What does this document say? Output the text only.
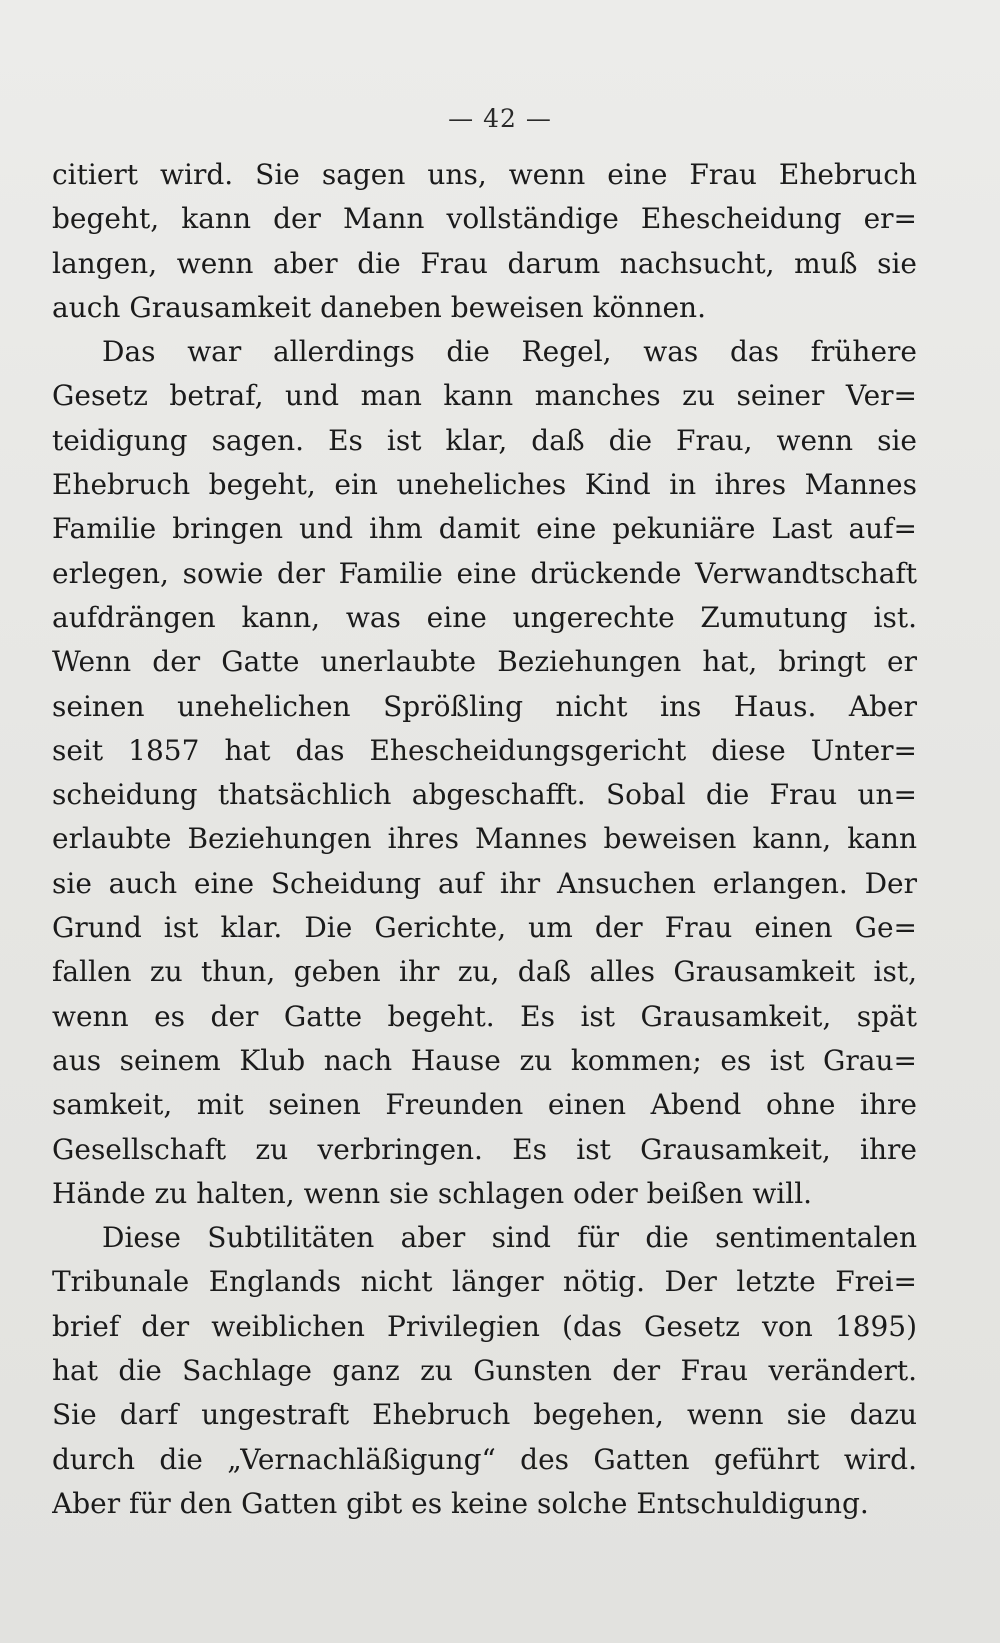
— 42 —
citiert wird. Sie sagen uns, wenn eine Frau Ehebruch
begeht, kann der Mann vollständige Ehescheidung er=
langen, wenn aber die Frau darum nachsucht, muß sie
auch Grausamkeit daneben beweisen können.
Das war allerdings die Regel, was das frühere
Gesetz betraf, und man kann manches zu seiner Ver=
teidigung sagen. Es ist klar, daß die Frau, wenn sie
Ehebruch begeht, ein uneheliches Kind in ihres Mannes
Familie bringen und ihm damit eine pekuniäre Last auf=
erlegen, sowie der Familie eine drückende Verwandtschaft
aufdrängen kann, was eine ungerechte Zumutung ist.
Wenn der Gatte unerlaubte Beziehungen hat, bringt er
seinen unehelichen Sprößling nicht ins Haus. Aber
seit 1857 hat das Ehescheidungsgericht diese Unter=
scheidung thatsächlich abgeschafft. Sobal die Frau un=
erlaubte Beziehungen ihres Mannes beweisen kann, kann
sie auch eine Scheidung auf ihr Ansuchen erlangen. Der
Grund ist klar. Die Gerichte, um der Frau einen Ge=
fallen zu thun, geben ihr zu, daß alles Grausamkeit ist,
wenn es der Gatte begeht. Es ist Grausamkeit, spät
aus seinem Klub nach Hause zu kommen; es ist Grau=
samkeit, mit seinen Freunden einen Abend ohne ihre
Gesellschaft zu verbringen. Es ist Grausamkeit, ihre
Hände zu halten, wenn sie schlagen oder beißen will.
Diese Subtilitäten aber sind für die sentimentalen
Tribunale Englands nicht länger nötig. Der letzte Frei=
brief der weiblichen Privilegien (das Gesetz von 1895)
hat die Sachlage ganz zu Gunsten der Frau verändert.
Sie darf ungestraft Ehebruch begehen, wenn sie dazu
durch die „Vernachläßigung“ des Gatten geführt wird.
Aber für den Gatten gibt es keine solche Entschuldigung.
